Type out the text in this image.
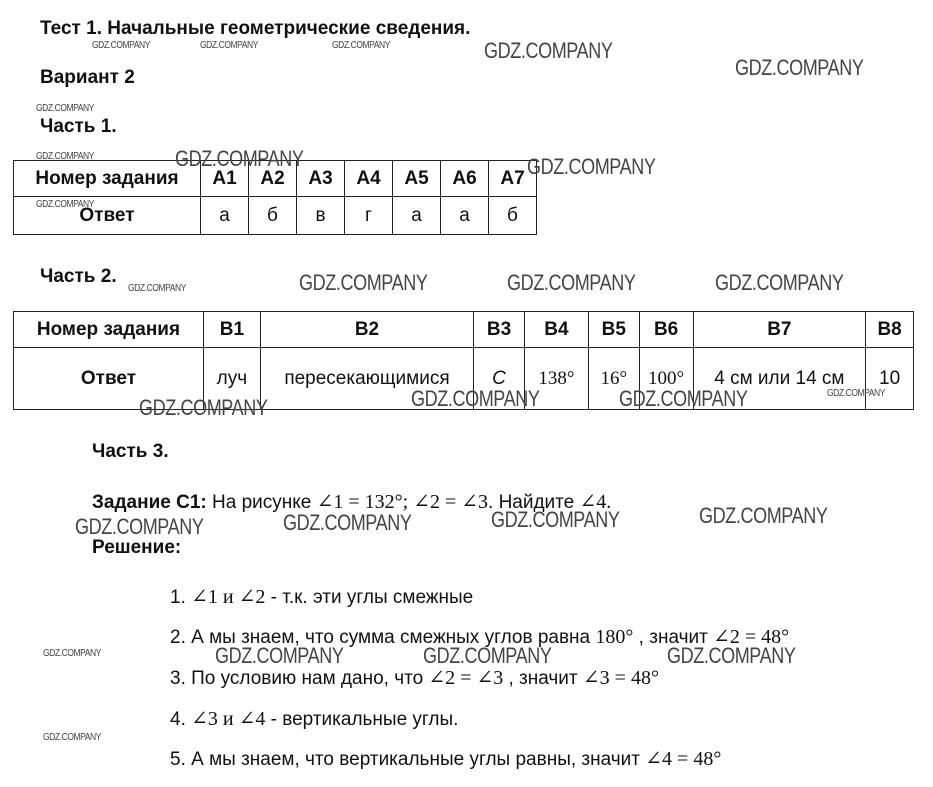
Тест 1. Начальные геометрические сведения.
Вариант 2
Часть 1.
Номер задания	А1	А2	А3	А4	А5	А6	А7
Ответ	а	б	в	г	а	а	б
Часть 2.
Номер задания	В1	В2	В3	В4	В5	В6	В7	В8
Ответ	луч	пересекающимися	С	138°	16°	100°	4 см или 14 см	10
Часть 3.
Задание С1: На рисунке ∠1 = 132°; ∠2 = ∠3. Найдите ∠4.
Решение:
1. ∠1 и ∠2 - т.к. эти углы смежные
2. А мы знаем, что сумма смежных углов равна 180° , значит ∠2 = 48°
3. По условию нам дано, что ∠2 = ∠3 , значит ∠3 = 48°
4. ∠3 и ∠4 - вертикальные углы.
5. А мы знаем, что вертикальные углы равны, значит ∠4 = 48°
GDZ.COMPANY	GDZ.COMPANY	GDZ.COMPANY	GDZ.COMPANY
GDZ.COMPANY
GDZ.COMPANY
GDZ.COMPANY	GDZ.COMPANY	GDZ.COMPANY
GDZ.COMPANY
GDZ.COMPANY	GDZ.COMPANY	GDZ.COMPANY	GDZ.COMPANY
GDZ.COMPANY	GDZ.COMPANY	GDZ.COMPANY	GDZ.COMPANY
GDZ.COMPANY	GDZ.COMPANY	GDZ.COMPANY	GDZ.COMPANY
GDZ.COMPANY	GDZ.COMPANY	GDZ.COMPANY	GDZ.COMPANY
GDZ.COMPANY
